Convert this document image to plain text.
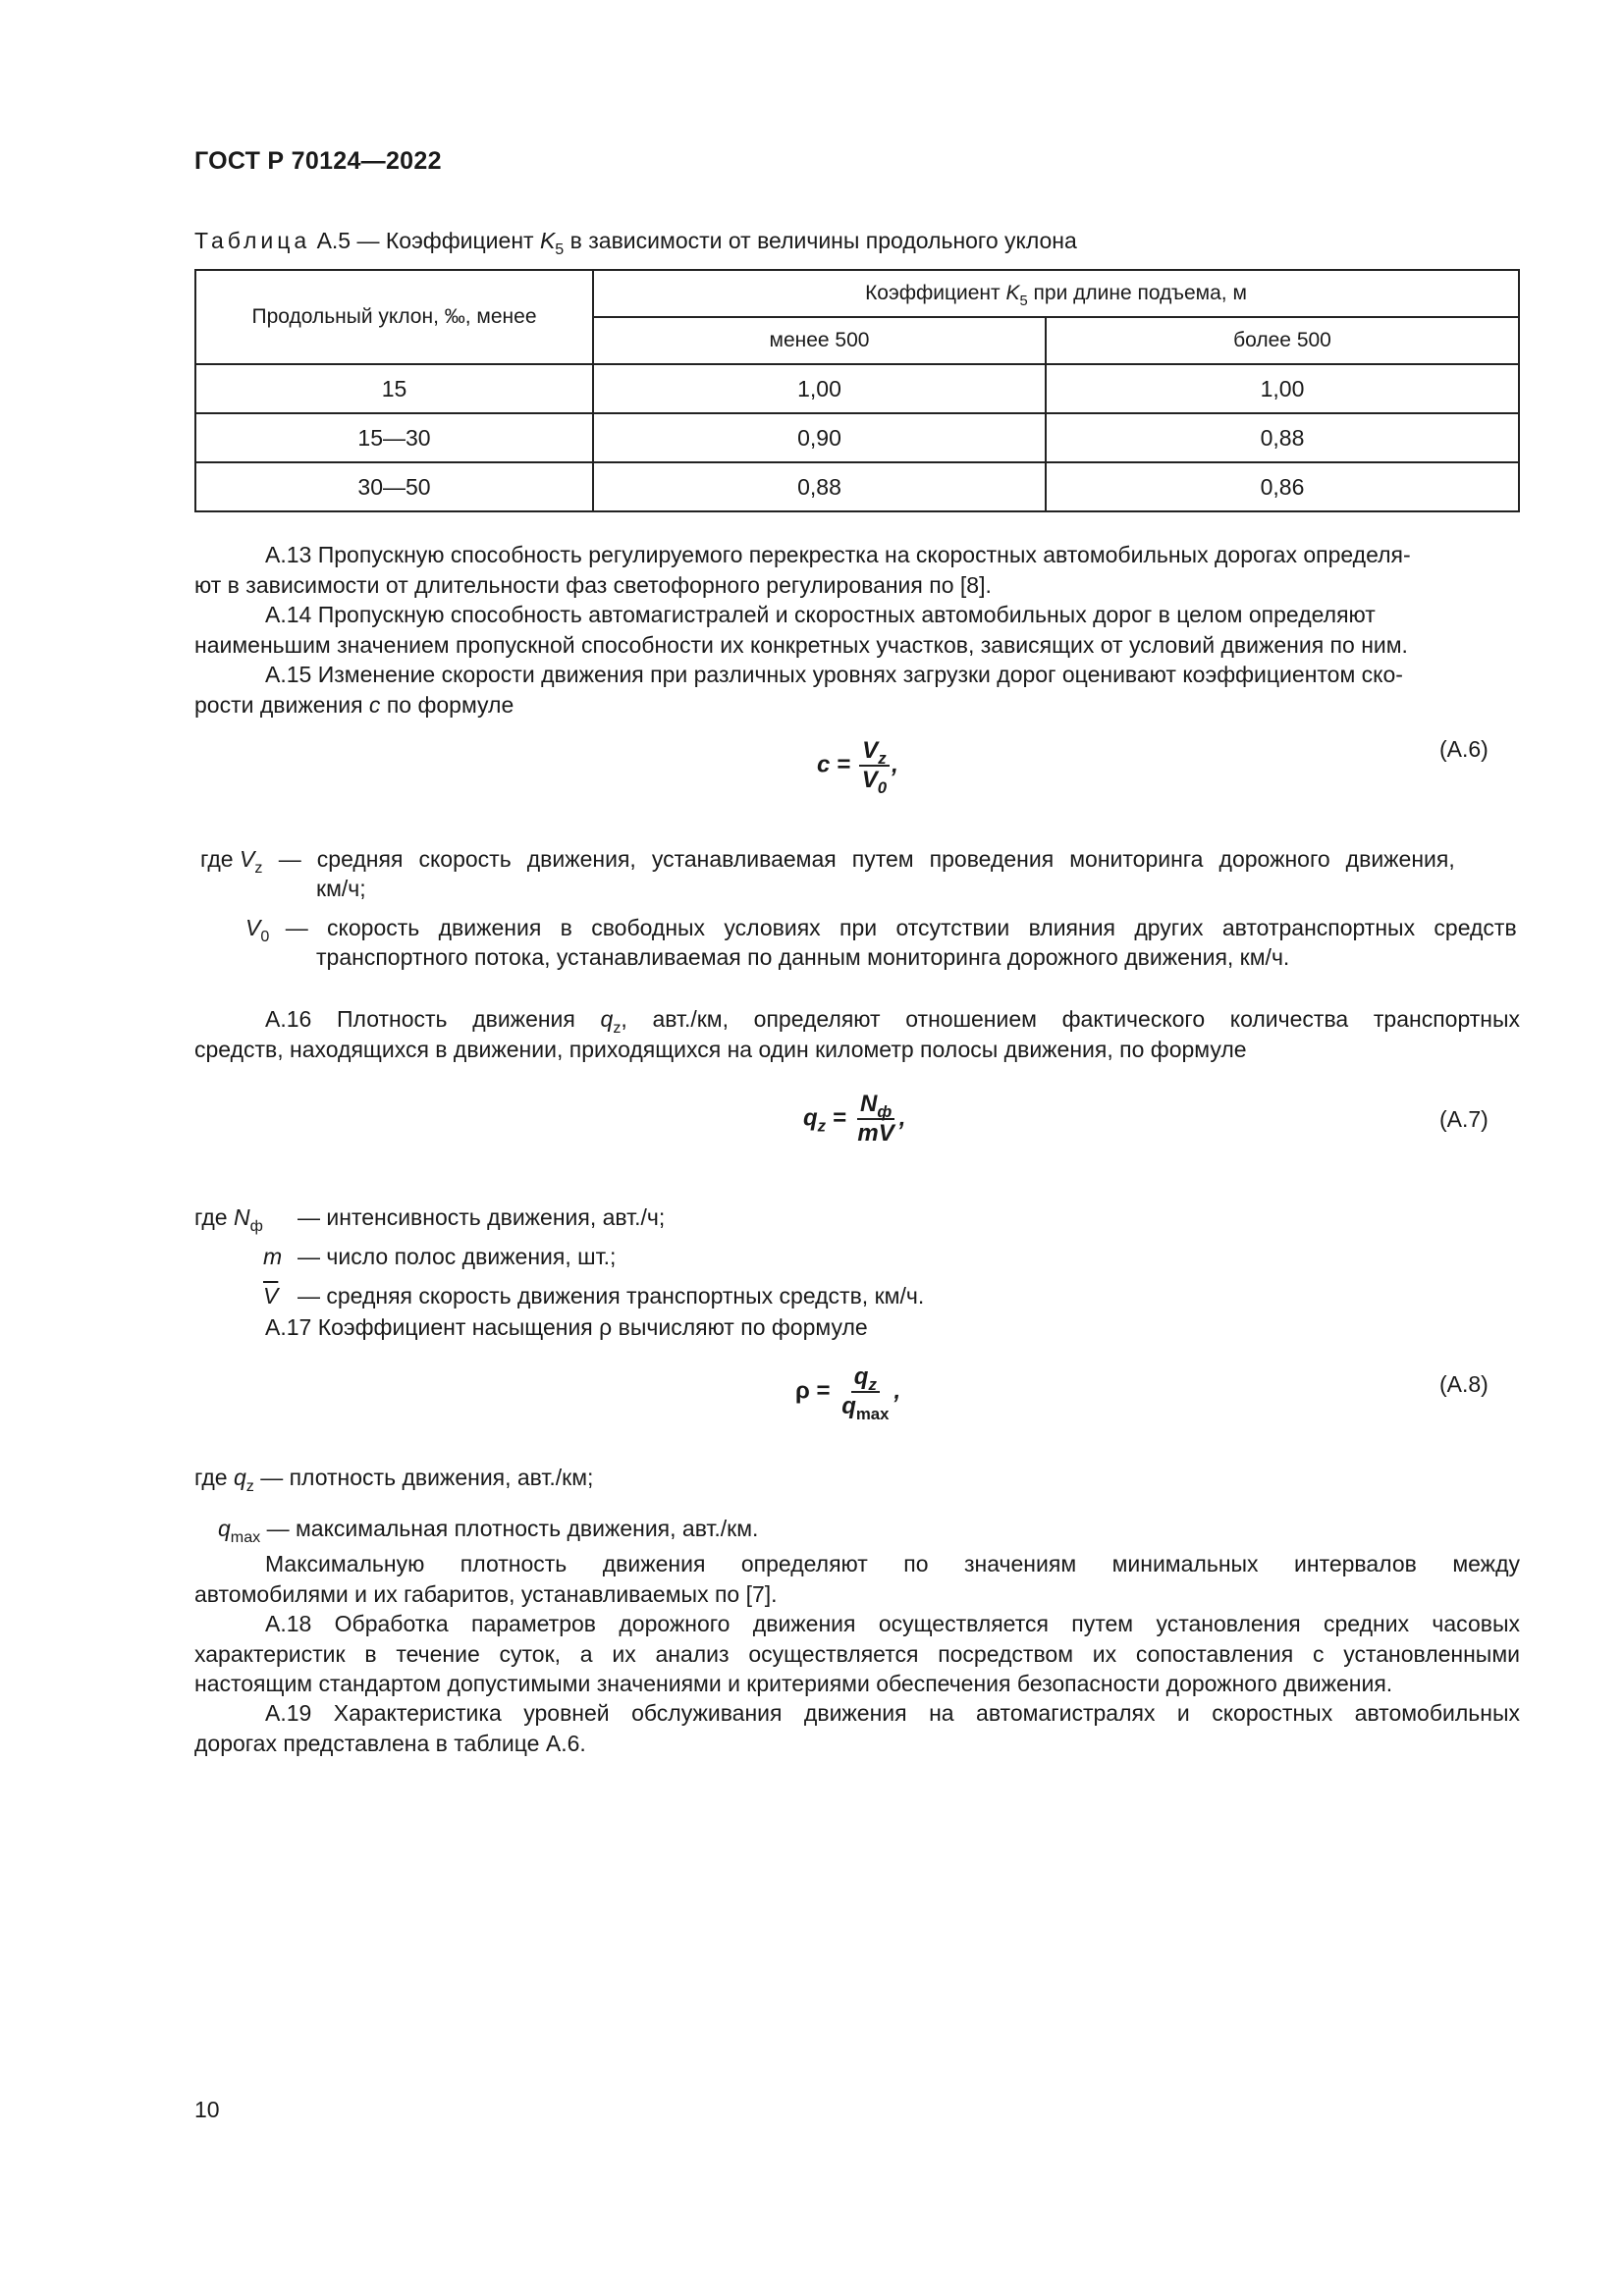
ГОСТ Р 70124—2022
Таблица А.5 — Коэффициент $K_5$ в зависимости от величины продольного уклона
Продольный уклон, ‰, менее	Коэффициент $K_5$ при длине подъема, м	
	менее 500	более 500
15	1,00	1,00
15—30	0,90	0,88
30—50	0,88	0,86
А.13 Пропускную способность регулируемого перекрестка на скоростных автомобильных дорогах определя-
ют в зависимости от длительности фаз светофорного регулирования по [8].
А.14 Пропускную способность автомагистралей и скоростных автомобильных дорог в целом определяют
наименьшим значением пропускной способности их конкретных участков, зависящих от условий движения по ним.
А.15 Изменение скорости движения при различных уровнях загрузки дорог оценивают коэффициентом ско-
рости движения c по формуле
$c = \frac{V_z}{V_0}$ ,
(А.6)
где $V_z$ — средняя скорость движения, устанавливаемая путем проведения мониторинга дорожного движения,
км/ч;
$V_0$ — скорость движения в свободных условиях при отсутствии влияния других автотранспортных средств
транспортного потока, устанавливаемая по данным мониторинга дорожного движения, км/ч.
А.16 Плотность движения $q_z$, авт./км, определяют отношением фактического количества транспортных
средств, находящихся в движении, приходящихся на один километр полосы движения, по формуле
$q_z = \frac{N_ф}{m\overline{V}}$ ,	(А.7)
где $N_ф$ — интенсивность движения, авт./ч;
m — число полос движения, шт.;
$\overline{V}$ — средняя скорость движения транспортных средств, км/ч.
А.17 Коэффициент насыщения ρ вычисляют по формуле
$\rho = \frac{q_z}{q_{max}}$ ,	(А.8)
где $q_z$ — плотность движения, авт./км;
$q_{max}$ — максимальная плотность движения, авт./км.
Максимальную плотность движения определяют по значениям минимальных интервалов между
автомобилями и их габаритов, устанавливаемых по [7].
А.18 Обработка параметров дорожного движения осуществляется путем установления средних часовых
характеристик в течение суток, а их анализ осуществляется посредством их сопоставления с установленными
настоящим стандартом допустимыми значениями и критериями обеспечения безопасности дорожного движения.
А.19 Характеристика уровней обслуживания движения на автомагистралях и скоростных автомобильных
дорогах представлена в таблице А.6.
10
